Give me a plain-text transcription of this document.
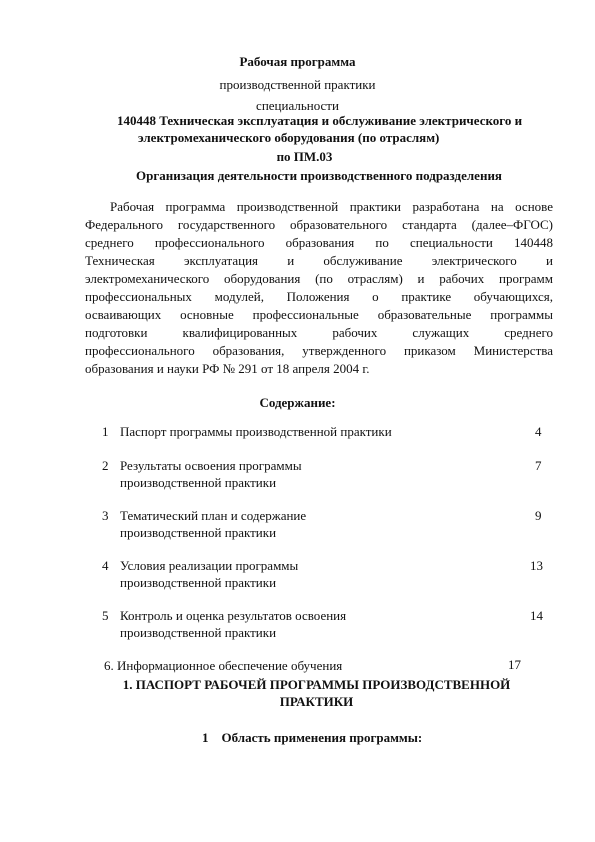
Рабочая программа
производственной практики
специальности
140448 Техническая эксплуатация и обслуживание электрического и
электромеханического оборудования (по отраслям)
по ПМ.03
Организация деятельности производственного подразделения
Рабочая программа производственной практики разработана на основе
Федерального государственного образовательного стандарта (далее–ФГОС)
среднего профессионального образования по специальности 140448
Техническая эксплуатация и обслуживание электрического и
электромеханического оборудования (по отраслям) и рабочих программ
профессиональных модулей, Положения о практике обучающихся,
осваивающих основные профессиональные образовательные программы
подготовки квалифицированных рабочих служащих среднего
профессионального образования, утвержденного приказом Министерства
образования и науки РФ № 291 от 18 апреля 2004 г.
Содержание:
1 Паспорт программы производственной практики	4
2 Результаты освоения программы
производственной практики
7
3 Тематический план и содержание
производственной практики
9
4 Условия реализации программы
производственной практики
13
5 Контроль и оценка результатов освоения
производственной практики
14
6. Информационное обеспечение обучения	17
1. ПАСПОРТ РАБОЧЕЙ ПРОГРАММЫ ПРОИЗВОДСТВЕННОЙ
ПРАКТИКИ
1    Область применения программы:
